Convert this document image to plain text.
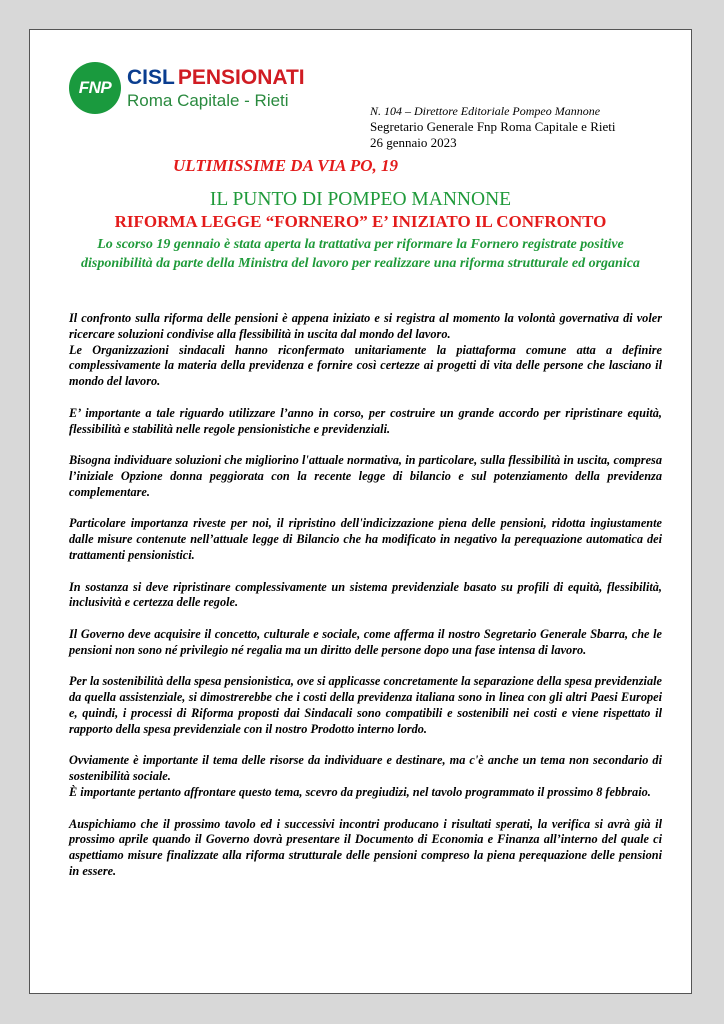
FNP CISL PENSIONATI
Roma Capitale - Rieti
N. 104 – Direttore Editoriale Pompeo Mannone
Segretario Generale Fnp Roma Capitale e Rieti
26 gennaio 2023
ULTIMISSIME DA VIA PO, 19
IL PUNTO DI POMPEO MANNONE
RIFORMA LEGGE “FORNERO” E’ INIZIATO IL CONFRONTO
Lo scorso 19 gennaio è stata aperta la trattativa per riformare la Fornero registrate positive disponibilità da parte della Ministra del lavoro per realizzare una riforma strutturale ed organica

Il confronto sulla riforma delle pensioni è appena iniziato e si registra al momento la volontà governativa di voler ricercare soluzioni condivise alla flessibilità in uscita dal mondo del lavoro.

Le Organizzazioni sindacali hanno riconfermato unitariamente la piattaforma comune atta a definire complessivamente la materia della previdenza e fornire così certezze ai progetti di vita delle persone che lasciano il mondo del lavoro.

E’ importante a tale riguardo utilizzare l’anno in corso, per costruire un grande accordo per ripristinare equità, flessibilità e stabilità nelle regole pensionistiche e previdenziali.

Bisogna individuare soluzioni che migliorino l'attuale normativa, in particolare, sulla flessibilità in uscita, compresa l’iniziale Opzione donna peggiorata con la recente legge di bilancio e sul potenziamento della previdenza complementare.

Particolare importanza riveste per noi, il ripristino dell'indicizzazione piena delle pensioni, ridotta ingiustamente dalle misure contenute nell’attuale legge di Bilancio che ha modificato in negativo la perequazione automatica dei trattamenti pensionistici.

In sostanza si deve ripristinare complessivamente un sistema previdenziale basato su profili di equità, flessibilità, inclusività e certezza delle regole.

Il Governo deve acquisire il concetto, culturale e sociale, come afferma il nostro Segretario Generale Sbarra, che le pensioni non sono né privilegio né regalia ma un diritto delle persone dopo una fase intensa di lavoro.

Per la sostenibilità della spesa pensionistica, ove si applicasse concretamente la separazione della spesa previdenziale da quella assistenziale, si dimostrerebbe che i costi della previdenza italiana sono in linea con gli altri Paesi Europei e, quindi, i processi di Riforma proposti dai Sindacali sono compatibili e sostenibili nei costi e viene rispettato il rapporto della spesa previdenziale con il nostro Prodotto interno lordo.

Ovviamente è importante il tema delle risorse da individuare e destinare, ma c'è anche un tema non secondario di sostenibilità sociale.

È importante pertanto affrontare questo tema, scevro da pregiudizi, nel tavolo programmato il prossimo 8 febbraio.

Auspichiamo che il prossimo tavolo ed i successivi incontri producano i risultati sperati, la verifica si avrà già il prossimo aprile quando il Governo dovrà presentare il Documento di Economia e Finanza all’interno del quale ci aspettiamo misure finalizzate alla riforma strutturale delle pensioni compreso la piena perequazione delle pensioni in essere.
